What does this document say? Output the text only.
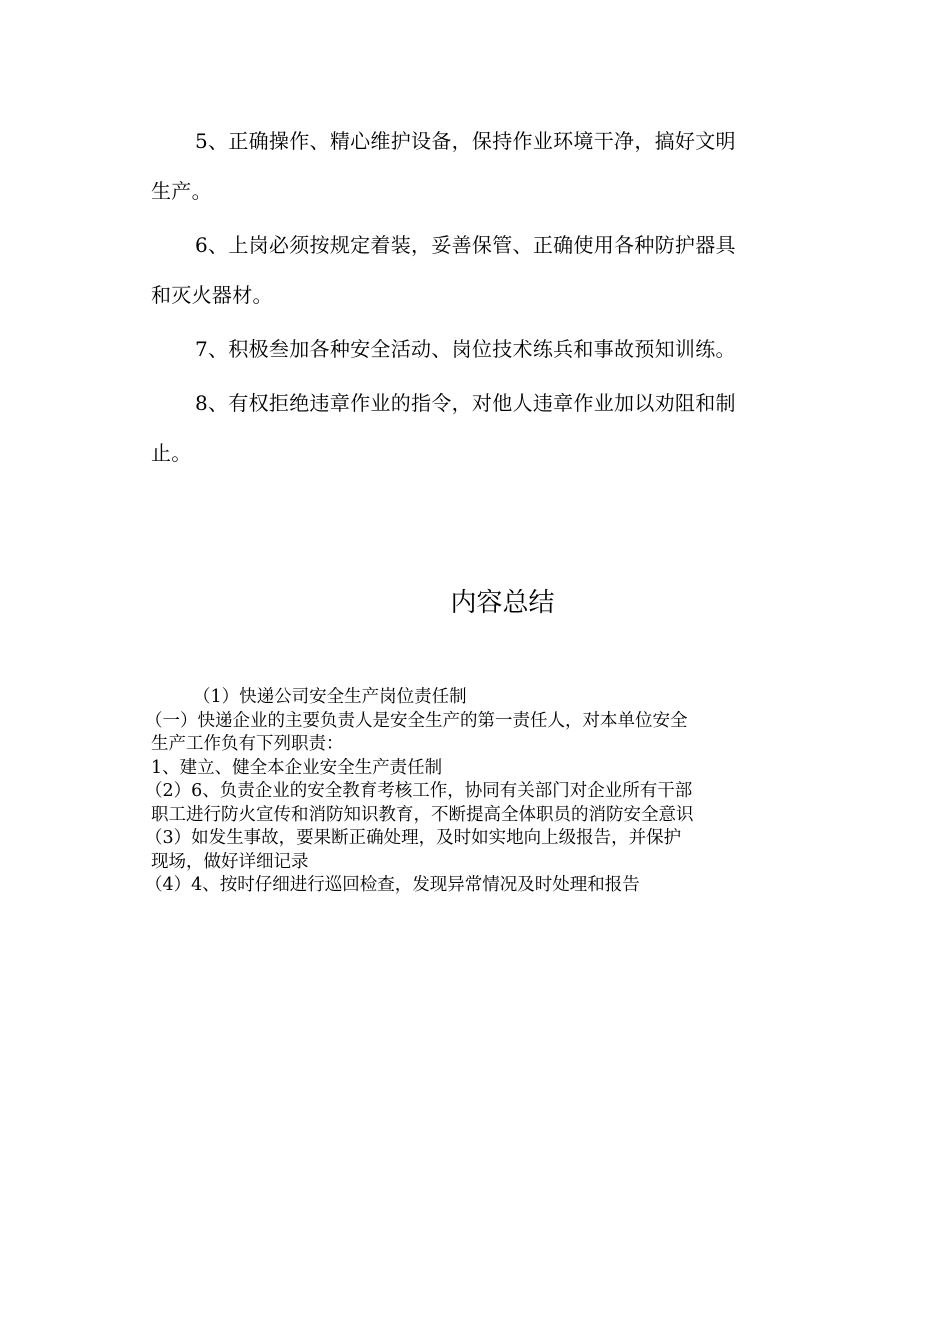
5、正确操作、精心维护设备，保持作业环境干净，搞好文明

生产。

6、上岗必须按规定着装，妥善保管、正确使用各种防护器具

和灭火器材。

7、积极叁加各种安全活动、岗位技术练兵和事故预知训练。

8、有权拒绝违章作业的指令，对他人违章作业加以劝阻和制

止。

内容总结

（1）快递公司安全生产岗位责任制

（一）快递企业的主要负责人是安全生产的第一责任人，对本单位安全

生产工作负有下列职责：

1、建立、健全本企业安全生产责任制

（2）6、负责企业的安全教育考核工作，协同有关部门对企业所有干部

职工进行防火宣传和消防知识教育，不断提高全体职员的消防安全意识

（3）如发生事故，要果断正确处理，及时如实地向上级报告，并保护

现场，做好详细记录

（4）4、按时仔细进行巡回检查，发现异常情况及时处理和报告
